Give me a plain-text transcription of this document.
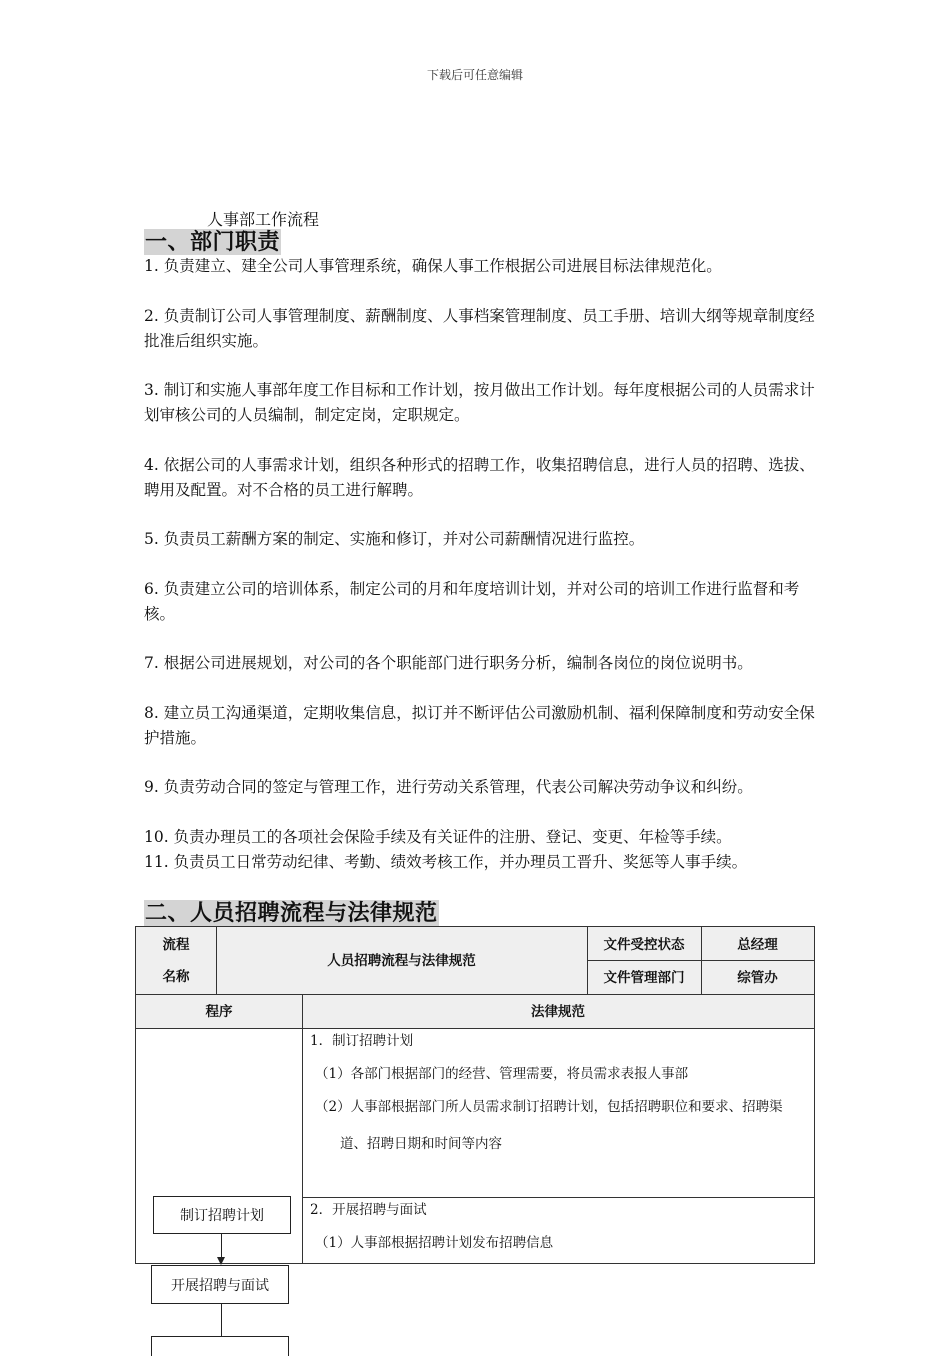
下载后可任意编辑
人事部工作流程
一、部门职责

1. 负责建立、建全公司人事管理系统，确保人事工作根据公司进展目标法律规范化。

2. 负责制订公司人事管理制度、薪酬制度、人事档案管理制度、员工手册、培训大纲等规章制度经批准后组织实施。

3. 制订和实施人事部年度工作目标和工作计划，按月做出工作计划。每年度根据公司的人员需求计划审核公司的人员编制，制定定岗，定职规定。

4. 依据公司的人事需求计划，组织各种形式的招聘工作，收集招聘信息，进行人员的招聘、选拔、聘用及配置。对不合格的员工进行解聘。

5. 负责员工薪酬方案的制定、实施和修订，并对公司薪酬情况进行监控。

6. 负责建立公司的培训体系，制定公司的月和年度培训计划，并对公司的培训工作进行监督和考核。

7. 根据公司进展规划，对公司的各个职能部门进行职务分析，编制各岗位的岗位说明书。

8. 建立员工沟通渠道，定期收集信息，拟订并不断评估公司激励机制、福利保障制度和劳动安全保护措施。

9. 负责劳动合同的签定与管理工作，进行劳动关系管理，代表公司解决劳动争议和纠纷。

10. 负责办理员工的各项社会保险手续及有关证件的注册、登记、变更、年检等手续。

11. 负责员工日常劳动纪律、考勤、绩效考核工作，并办理员工晋升、奖惩等人事手续。

二、人员招聘流程与法律规范
流程
名称
人员招聘流程与法律规范
文件受控状态	总经理
文件管理部门	综管办
程序	法律规范
1．制订招聘计划
（1）各部门根据部门的经营、管理需要，将员需求表报人事部
（2）人事部根据部门所人员需求制订招聘计划，包括招聘职位和要求、招聘渠
道、招聘日期和时间等内容
2．开展招聘与面试
（1）人事部根据招聘计划发布招聘信息
制订招聘计划
开展招聘与面试
